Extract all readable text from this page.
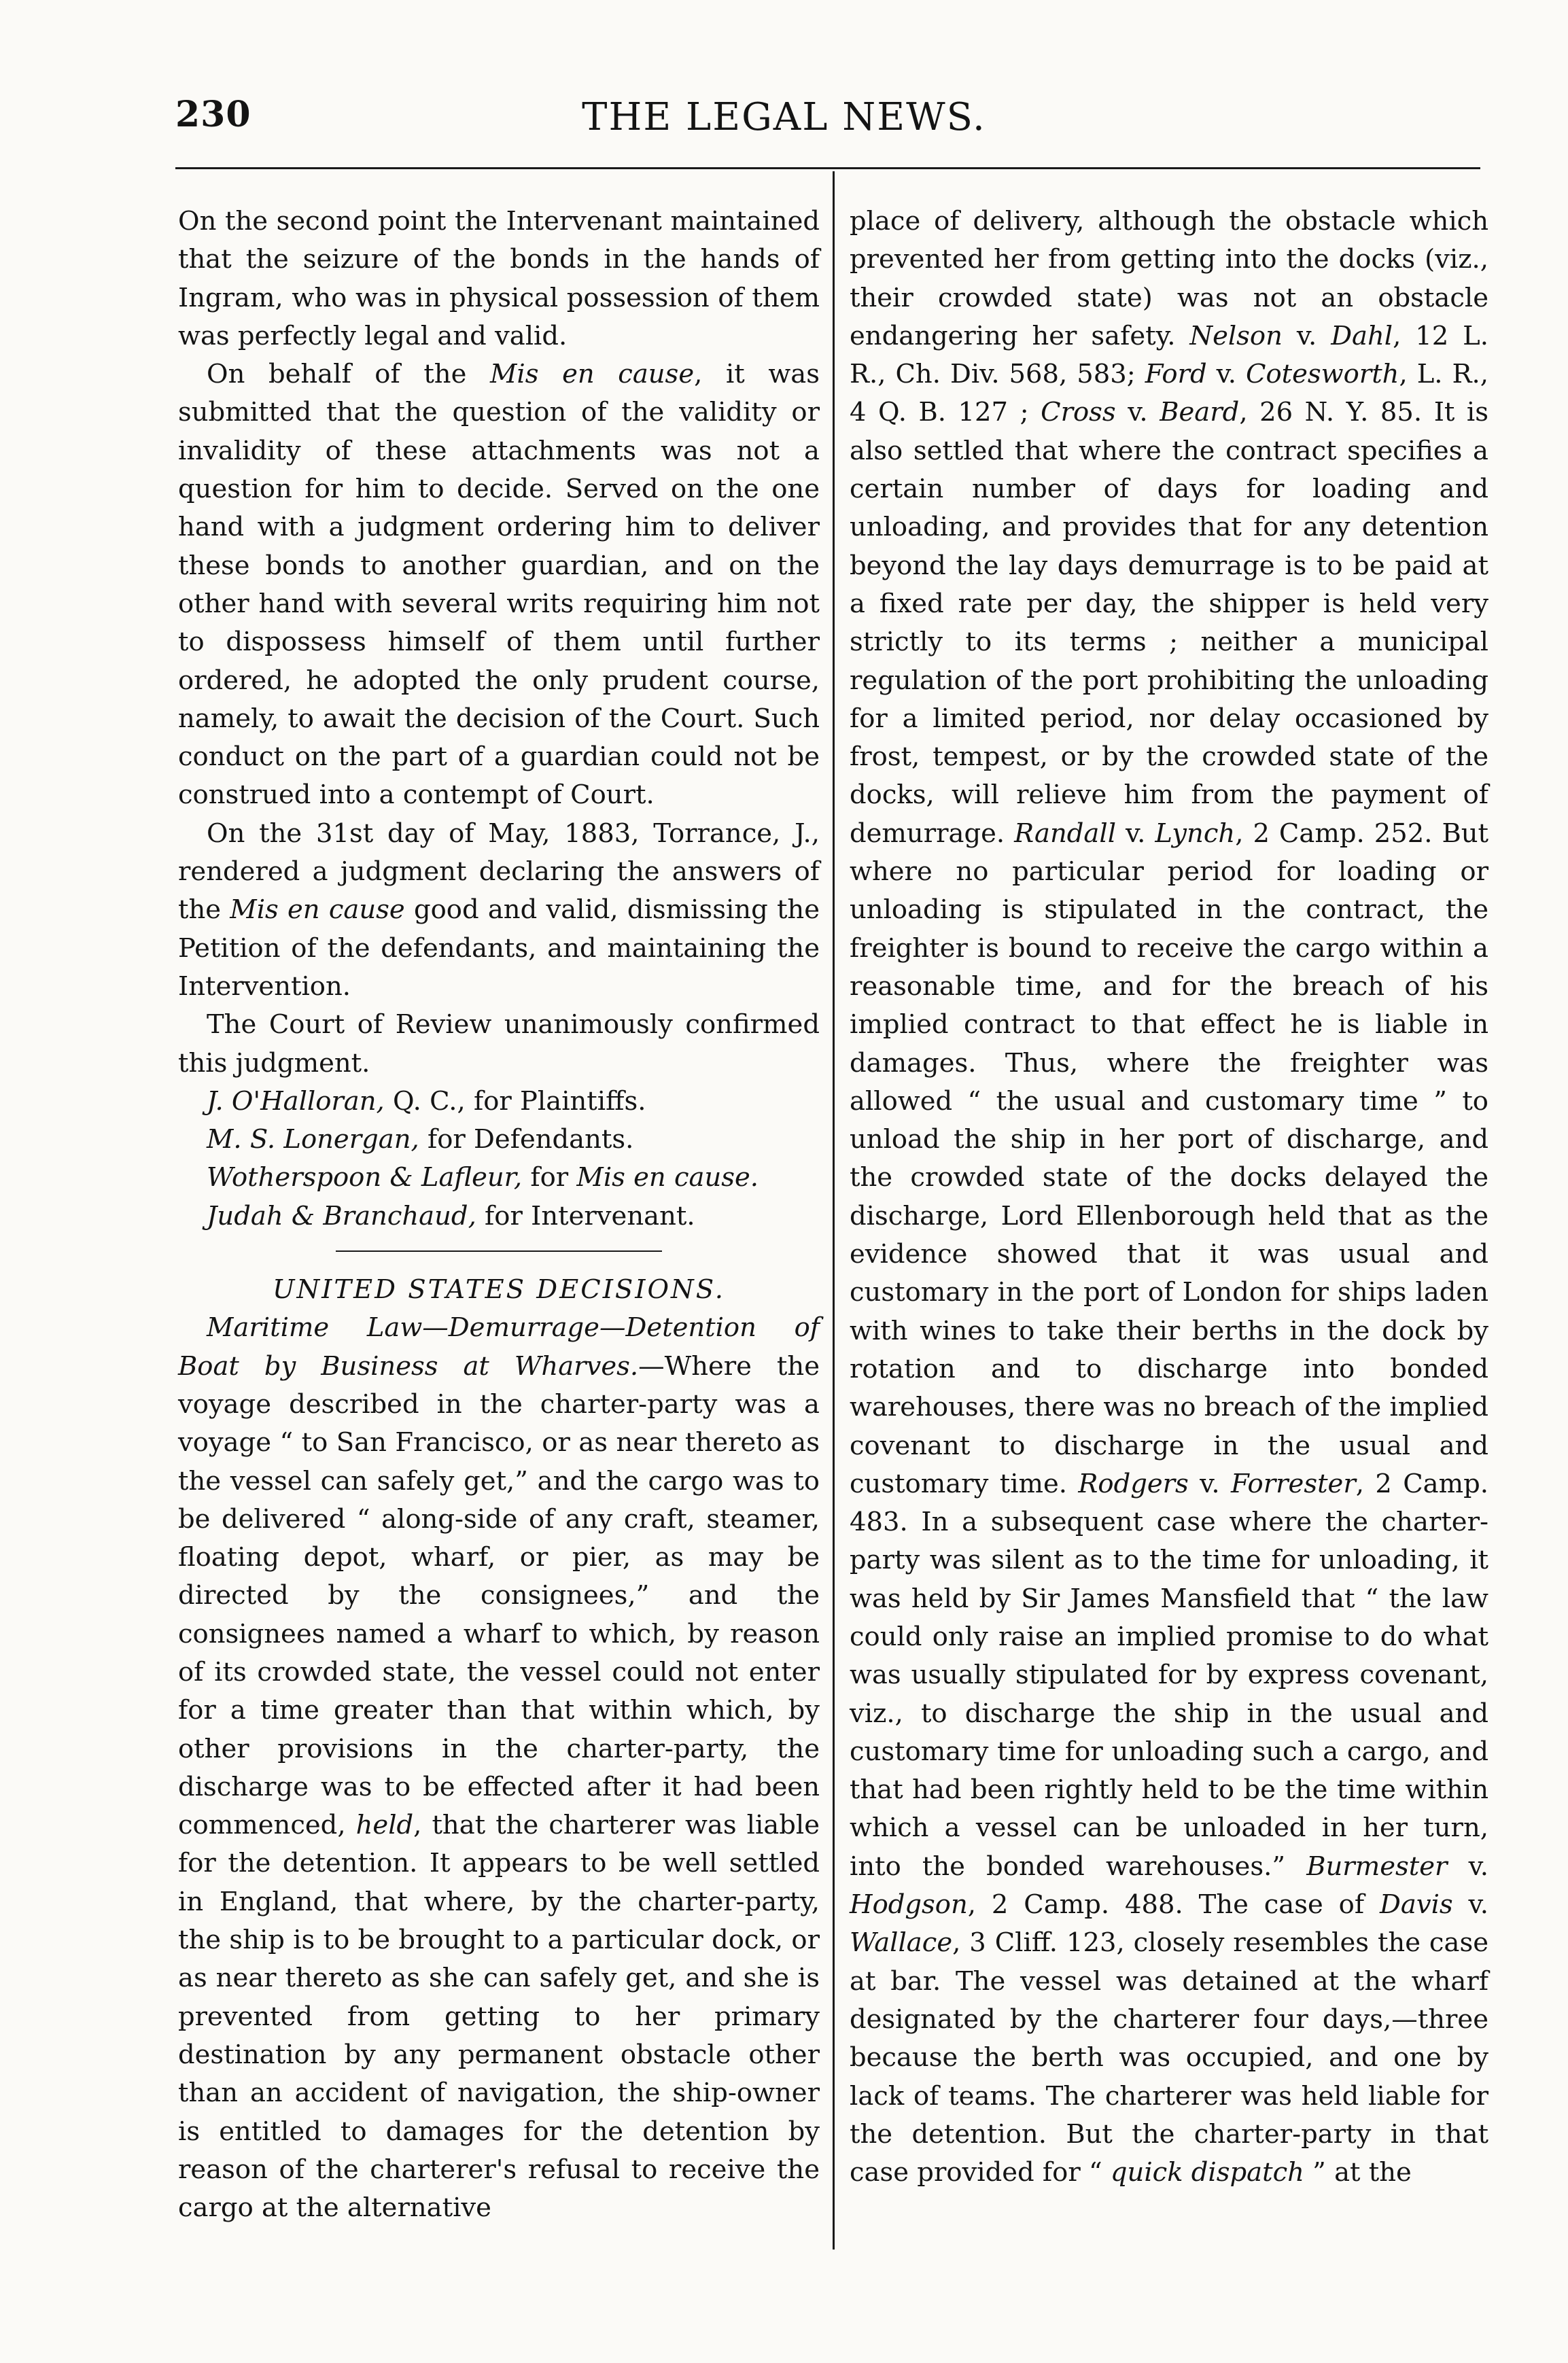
230	THE LEGAL NEWS.

On the second point the Intervenant maintained that the seizure of the bonds in the hands of Ingram, who was in physical possession of them was perfectly legal and valid.

On behalf of the Mis en cause, it was submitted that the question of the validity or invalidity of these attachments was not a question for him to decide. Served on the one hand with a judgment ordering him to deliver these bonds to another guardian, and on the other hand with several writs requiring him not to dispossess himself of them until further ordered, he adopted the only prudent course, namely, to await the decision of the Court. Such conduct on the part of a guardian could not be construed into a contempt of Court.

On the 31st day of May, 1883, Torrance, J., rendered a judgment declaring the answers of the Mis en cause good and valid, dismissing the Petition of the defendants, and maintaining the Intervention.

The Court of Review unanimously confirmed this judgment.

J. O'Halloran, Q. C., for Plaintiffs.

M. S. Lonergan, for Defendants.

Wotherspoon & Lafleur, for Mis en cause.

Judah & Branchaud, for Intervenant.

UNITED STATES DECISIONS.

Maritime Law—Demurrage—Detention of Boat by Business at Wharves.—Where the voyage described in the charter-party was a voyage “ to San Francisco, or as near thereto as the vessel can safely get,” and the cargo was to be delivered “ along-side of any craft, steamer, floating depot, wharf, or pier, as may be directed by the consignees,” and the consignees named a wharf to which, by reason of its crowded state, the vessel could not enter for a time greater than that within which, by other provisions in the charter-party, the discharge was to be effected after it had been commenced, held, that the charterer was liable for the detention. It appears to be well settled in England, that where, by the charter-party, the ship is to be brought to a particular dock, or as near thereto as she can safely get, and she is prevented from getting to her primary destination by any permanent obstacle other than an accident of navigation, the ship-owner is entitled to damages for the detention by reason of the charterer's refusal to receive the cargo at the alternative

place of delivery, although the obstacle which prevented her from getting into the docks (viz., their crowded state) was not an obstacle endangering her safety. Nelson v. Dahl, 12 L. R., Ch. Div. 568, 583; Ford v. Cotesworth, L. R., 4 Q. B. 127 ; Cross v. Beard, 26 N. Y. 85. It is also settled that where the contract specifies a certain number of days for loading and unloading, and provides that for any detention beyond the lay days demurrage is to be paid at a fixed rate per day, the shipper is held very strictly to its terms ; neither a municipal regulation of the port prohibiting the unloading for a limited period, nor delay occasioned by frost, tempest, or by the crowded state of the docks, will relieve him from the payment of demurrage. Randall v. Lynch, 2 Camp. 252. But where no particular period for loading or unloading is stipulated in the contract, the freighter is bound to receive the cargo within a reasonable time, and for the breach of his implied contract to that effect he is liable in damages. Thus, where the freighter was allowed “ the usual and customary time ” to unload the ship in her port of discharge, and the crowded state of the docks delayed the discharge, Lord Ellenborough held that as the evidence showed that it was usual and customary in the port of London for ships laden with wines to take their berths in the dock by rotation and to discharge into bonded warehouses, there was no breach of the implied covenant to discharge in the usual and customary time. Rodgers v. Forrester, 2 Camp. 483. In a subsequent case where the charter-party was silent as to the time for unloading, it was held by Sir James Mansfield that “ the law could only raise an implied promise to do what was usually stipulated for by express covenant, viz., to discharge the ship in the usual and customary time for unloading such a cargo, and that had been rightly held to be the time within which a vessel can be unloaded in her turn, into the bonded warehouses.” Burmester v. Hodgson, 2 Camp. 488. The case of Davis v. Wallace, 3 Cliff. 123, closely resembles the case at bar. The vessel was detained at the wharf designated by the charterer four days,—three because the berth was occupied, and one by lack of teams. The charterer was held liable for the detention. But the charter-party in that case provided for “ quick dispatch ” at the
